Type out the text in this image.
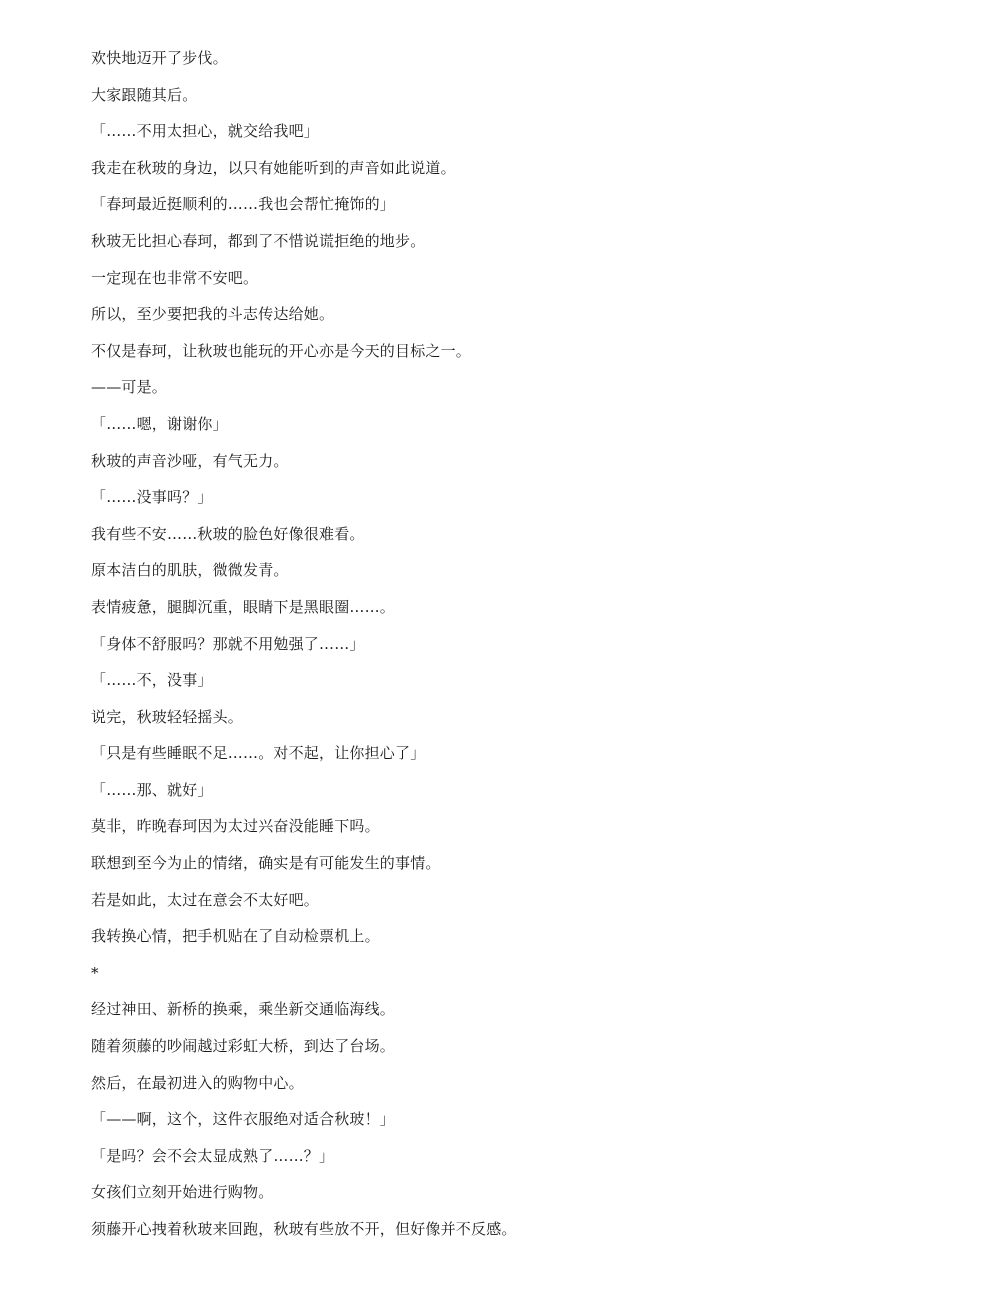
欢快地迈开了步伐。
大家跟随其后。
「……不用太担心，就交给我吧」
我走在秋玻的身边，以只有她能听到的声音如此说道。
「春珂最近挺顺利的……我也会帮忙掩饰的」
秋玻无比担心春珂，都到了不惜说谎拒绝的地步。
一定现在也非常不安吧。
所以，至少要把我的斗志传达给她。
不仅是春珂，让秋玻也能玩的开心亦是今天的目标之一。
——可是。
「……嗯，谢谢你」
秋玻的声音沙哑，有气无力。
「……没事吗？」
我有些不安……秋玻的脸色好像很难看。
原本洁白的肌肤，微微发青。
表情疲惫，腿脚沉重，眼睛下是黑眼圈……。
「身体不舒服吗？那就不用勉强了……」
「……不，没事」
说完，秋玻轻轻摇头。
「只是有些睡眠不足……。对不起，让你担心了」
「……那、就好」
莫非，昨晚春珂因为太过兴奋没能睡下吗。
联想到至今为止的情绪，确实是有可能发生的事情。
若是如此，太过在意会不太好吧。
我转换心情，把手机贴在了自动检票机上。
*
经过神田、新桥的换乘，乘坐新交通临海线。
随着须藤的吵闹越过彩虹大桥，到达了台场。
然后，在最初进入的购物中心。
「——啊，这个，这件衣服绝对适合秋玻！」
「是吗？会不会太显成熟了……？」
女孩们立刻开始进行购物。
须藤开心拽着秋玻来回跑，秋玻有些放不开，但好像并不反感。
